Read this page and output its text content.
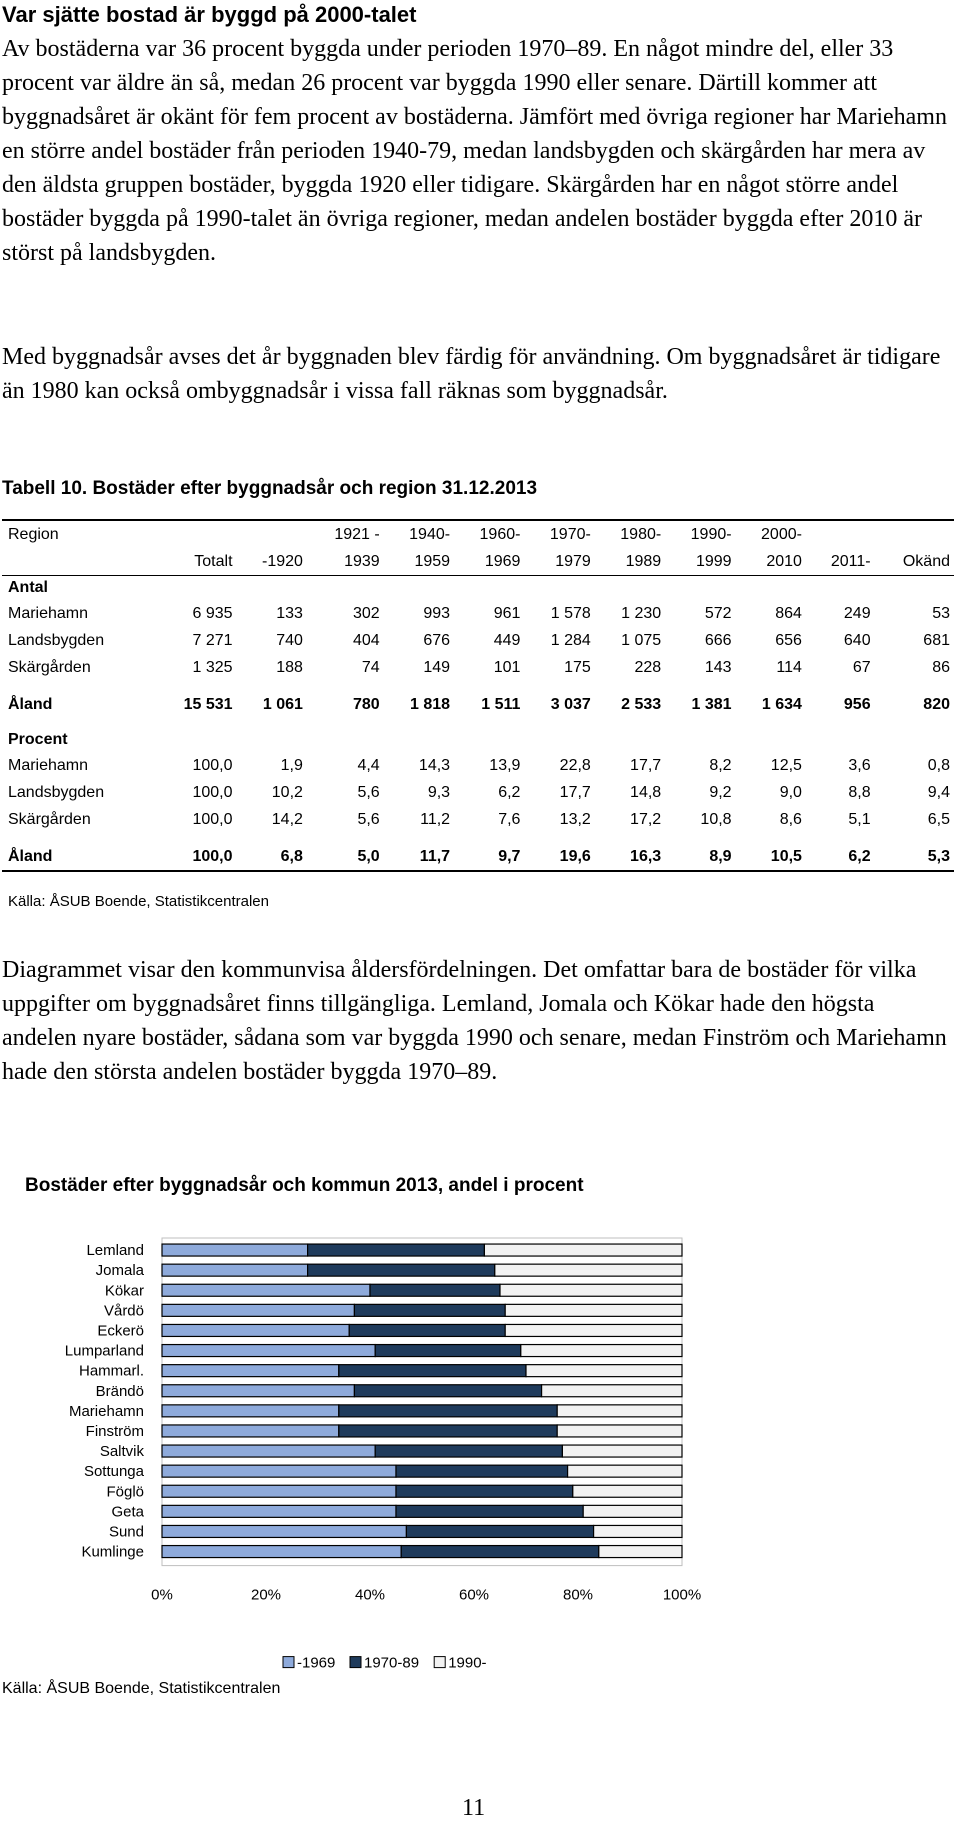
Var sjätte bostad är byggd på 2000-talet

Av bostäderna var 36 procent byggda under perioden 1970–89. En något mindre del, eller 33 procent var äldre än så, medan 26 procent var byggda 1990 eller senare. Därtill kommer att byggnadsåret är okänt för fem procent av bostäderna. Jämfört med övriga regioner har Mariehamn en större andel bostäder från perioden 1940-79, medan landsbygden och skärgården har mera av den äldsta gruppen bostäder, byggda 1920 eller tidigare. Skärgården har en något större andel bostäder byggda på 1990-talet än övriga regioner, medan andelen bostäder byggda efter 2010 är störst på landsbygden.

Med byggnadsår avses det år byggnaden blev färdig för användning. Om byggnadsåret är tidigare än 1980 kan också ombyggnadsår i vissa fall räknas som byggnadsår.

Tabell 10. Bostäder efter byggnadsår och region 31.12.2013
Region			1921 -	1940-	1960-	1970-	1980-	1990-	2000-		
	Totalt	-1920	1939	1959	1969	1979	1989	1999	2010	2011-	Okänd
Antal											
Mariehamn	6 935	133	302	993	961	1 578	1 230	572	864	249	53
Landsbygden	7 271	740	404	676	449	1 284	1 075	666	656	640	681
Skärgården	1 325	188	74	149	101	175	228	143	114	67	86

Åland	15 531	1 061	780	1 818	1 511	3 037	2 533	1 381	1 634	956	820

Procent											
Mariehamn	100,0	1,9	4,4	14,3	13,9	22,8	17,7	8,2	12,5	3,6	0,8
Landsbygden	100,0	10,2	5,6	9,3	6,2	17,7	14,8	9,2	9,0	8,8	9,4
Skärgården	100,0	14,2	5,6	11,2	7,6	13,2	17,2	10,8	8,6	5,1	6,5

Åland	100,0	6,8	5,0	11,7	9,7	19,6	16,3	8,9	10,5	6,2	5,3
Källa: ÅSUB Boende, Statistikcentralen

Diagrammet visar den kommunvisa åldersfördelningen. Det omfattar bara de bostäder för vilka uppgifter om byggnadsåret finns tillgängliga. Lemland, Jomala och Kökar hade den högsta andelen nyare bostäder, sådana som var byggda 1990 och senare, medan Finström och Mariehamn hade den största andelen bostäder byggda 1970–89.

Bostäder efter byggnadsår och kommun 2013, andel i procent
Lemland
Jomala
Kökar
Vårdö
Eckerö
Lumparland
Hammarl.
Brändö
Mariehamn
Finström
Saltvik
Sottunga
Föglö
Geta
Sund
Kumlinge
0%	20%	40%	60%	80%	100%
-1969 1970-89 1990-
Källa: ÅSUB Boende, Statistikcentralen
11
